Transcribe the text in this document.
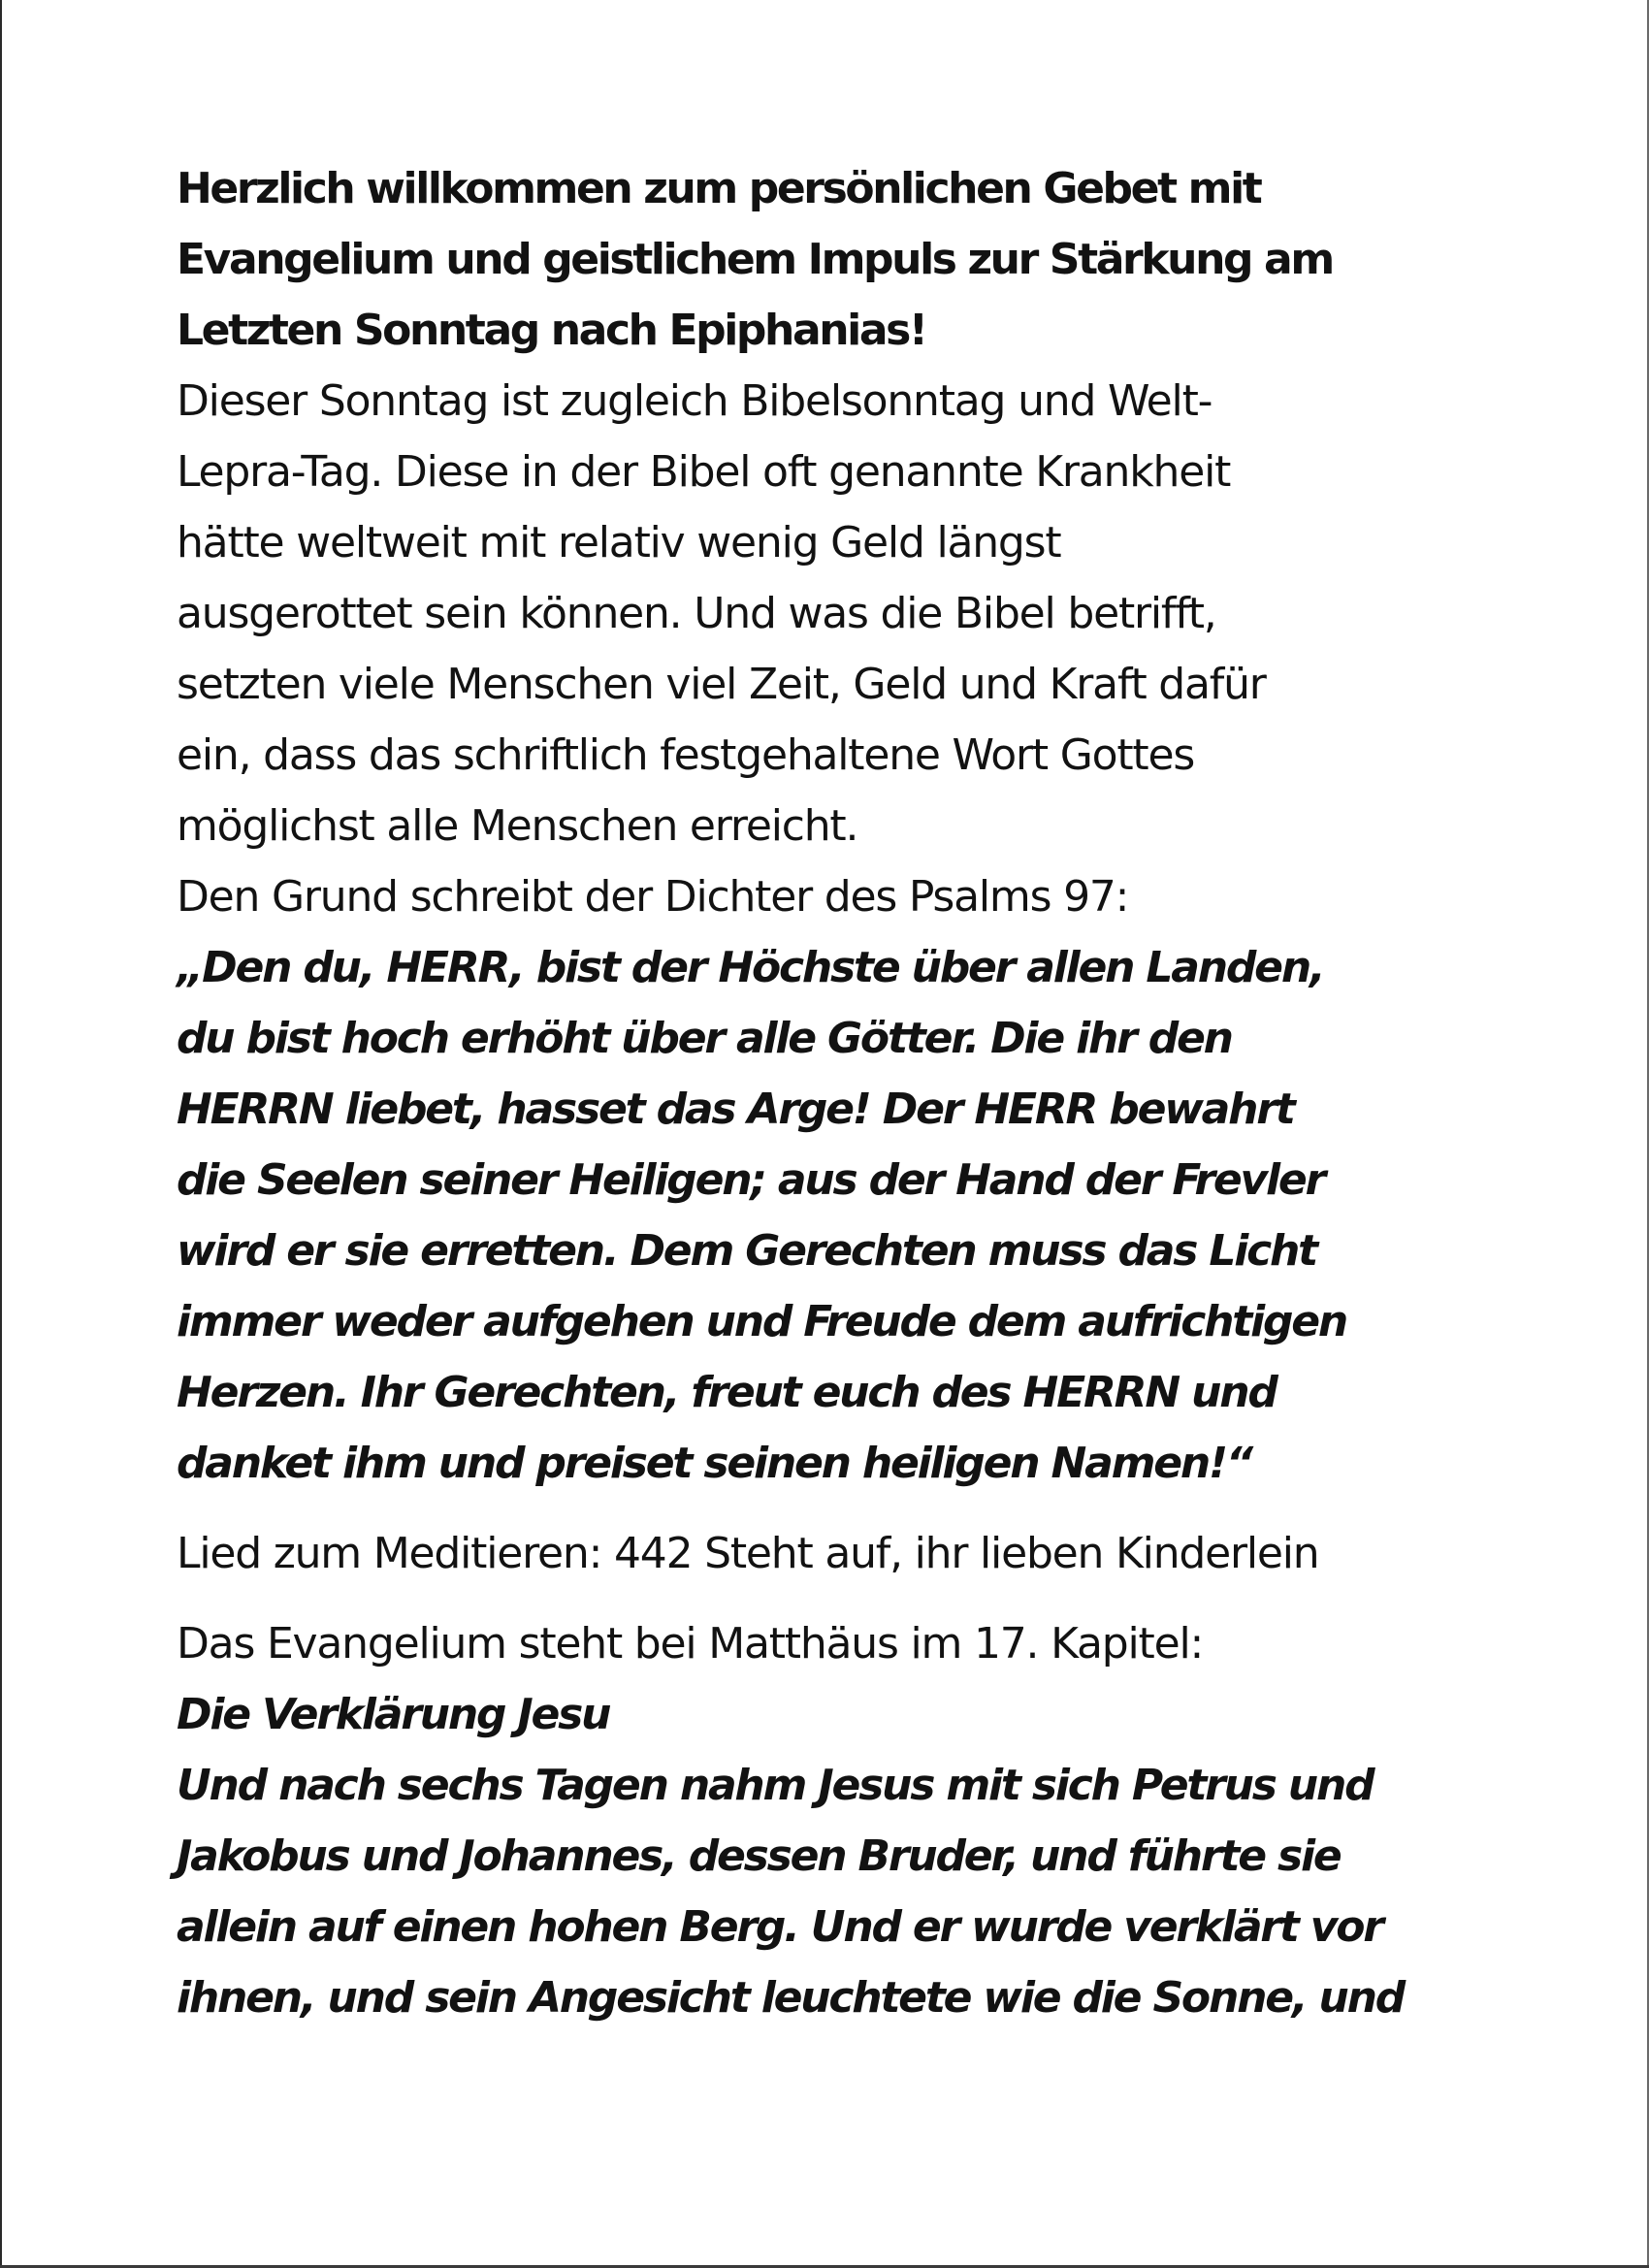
Herzlich willkommen zum persönlichen Gebet mit
Evangelium und geistlichem Impuls zur Stärkung am
Letzten Sonntag nach Epiphanias!
Dieser Sonntag ist zugleich Bibelsonntag und Welt-
Lepra-Tag. Diese in der Bibel oft genannte Krankheit
hätte weltweit mit relativ wenig Geld längst
ausgerottet sein können. Und was die Bibel betrifft,
setzten viele Menschen viel Zeit, Geld und Kraft dafür
ein, dass das schriftlich festgehaltene Wort Gottes
möglichst alle Menschen erreicht.
Den Grund schreibt der Dichter des Psalms 97:
„Den du, HERR, bist der Höchste über allen Landen,
du bist hoch erhöht über alle Götter. Die ihr den
HERRN liebet, hasset das Arge! Der HERR bewahrt
die Seelen seiner Heiligen; aus der Hand der Frevler
wird er sie erretten. Dem Gerechten muss das Licht
immer weder aufgehen und Freude dem aufrichtigen
Herzen. Ihr Gerechten, freut euch des HERRN und
danket ihm und preiset seinen heiligen Namen!“
Lied zum Meditieren: 442 Steht auf, ihr lieben Kinderlein
Das Evangelium steht bei Matthäus im 17. Kapitel:
Die Verklärung Jesu
Und nach sechs Tagen nahm Jesus mit sich Petrus und
Jakobus und Johannes, dessen Bruder, und führte sie
allein auf einen hohen Berg. Und er wurde verklärt vor
ihnen, und sein Angesicht leuchtete wie die Sonne, und
